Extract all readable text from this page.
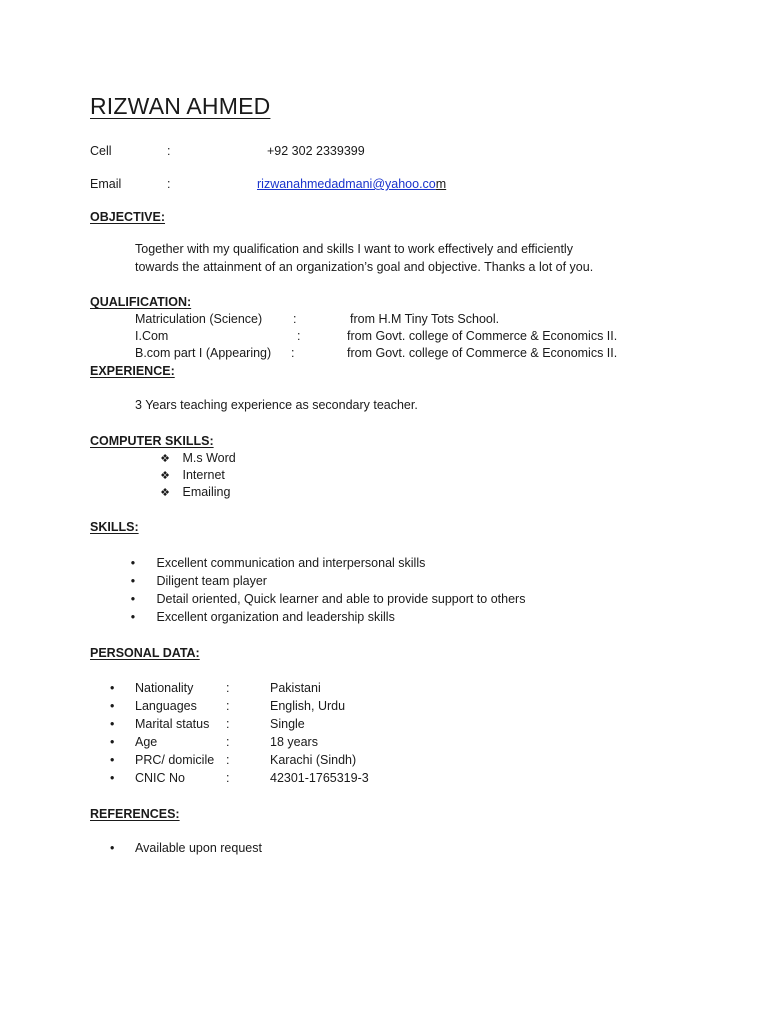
RIZWAN AHMED
Cell	:	+92 302 2339399
Email	:	rizwanahmedadmani@yahoo.com
OBJECTIVE:
Together with my qualification and skills I want to work effectively and efficiently
towards the attainment of an organization’s goal and objective. Thanks a lot of you.
QUALIFICATION:
Matriculation (Science) :	from H.M Tiny Tots School.
I.Com	:	from Govt. college of Commerce & Economics II.
B.com part I (Appearing) :	from Govt. college of Commerce & Economics II.
EXPERIENCE:
3 Years teaching experience as secondary teacher.
COMPUTER SKILLS:
❖ M.s Word
❖ Internet
❖ Emailing
SKILLS:
• Excellent communication and interpersonal skills
• Diligent team player
• Detail oriented, Quick learner and able to provide support to others
• Excellent organization and leadership skills
PERSONAL DATA:
• Nationality	:	Pakistani
• Languages :	English, Urdu
• Marital status :	Single
• Age	:	18 years
• PRC/ domicile :	Karachi (Sindh)
• CNIC No	:	42301-1765319-3
REFERENCES:
• Available upon request
